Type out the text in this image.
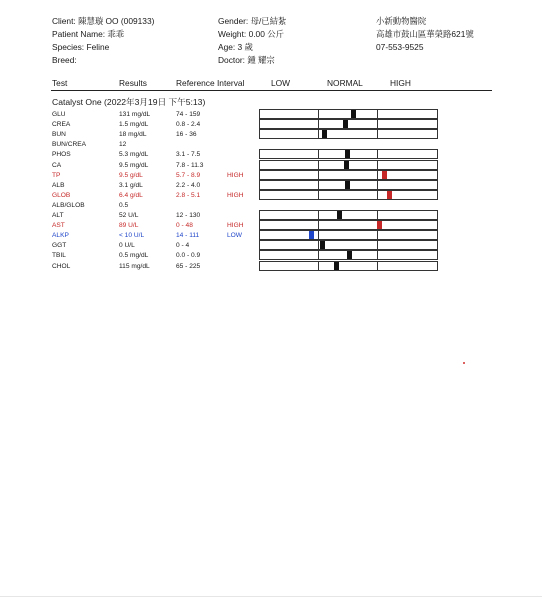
Client: 陳慧璇 OO (009133)
Patient Name: 乖乖
Species: Feline
Breed:
Gender: 母/已結紮
Weight: 0.00 公斤
Age: 3 歲
Doctor: 鍾 耀宗
小新動物醫院
高雄市鼓山區華榮路621號
07-553-9525
Test	Results	Reference Interval	LOW	NORMAL	HIGH
Catalyst One (2022年3月19日 下午5:13)
GLU	131 mg/dL	74 - 159
CREA	1.5 mg/dL	0.8 - 2.4
BUN	18 mg/dL	16 - 36
BUN/CREA	12
PHOS	5.3 mg/dL	3.1 - 7.5
CA	9.5 mg/dL	7.8 - 11.3
TP	9.5 g/dL	5.7 - 8.9	HIGH
ALB	3.1 g/dL	2.2 - 4.0
GLOB	6.4 g/dL	2.8 - 5.1	HIGH
ALB/GLOB	0.5
ALT	52 U/L	12 - 130
AST	89 U/L	0 - 48	HIGH
ALKP	< 10 U/L	14 - 111	LOW
GGT	0 U/L	0 - 4
TBIL	0.5 mg/dL	0.0 - 0.9
CHOL	115 mg/dL	65 - 225
